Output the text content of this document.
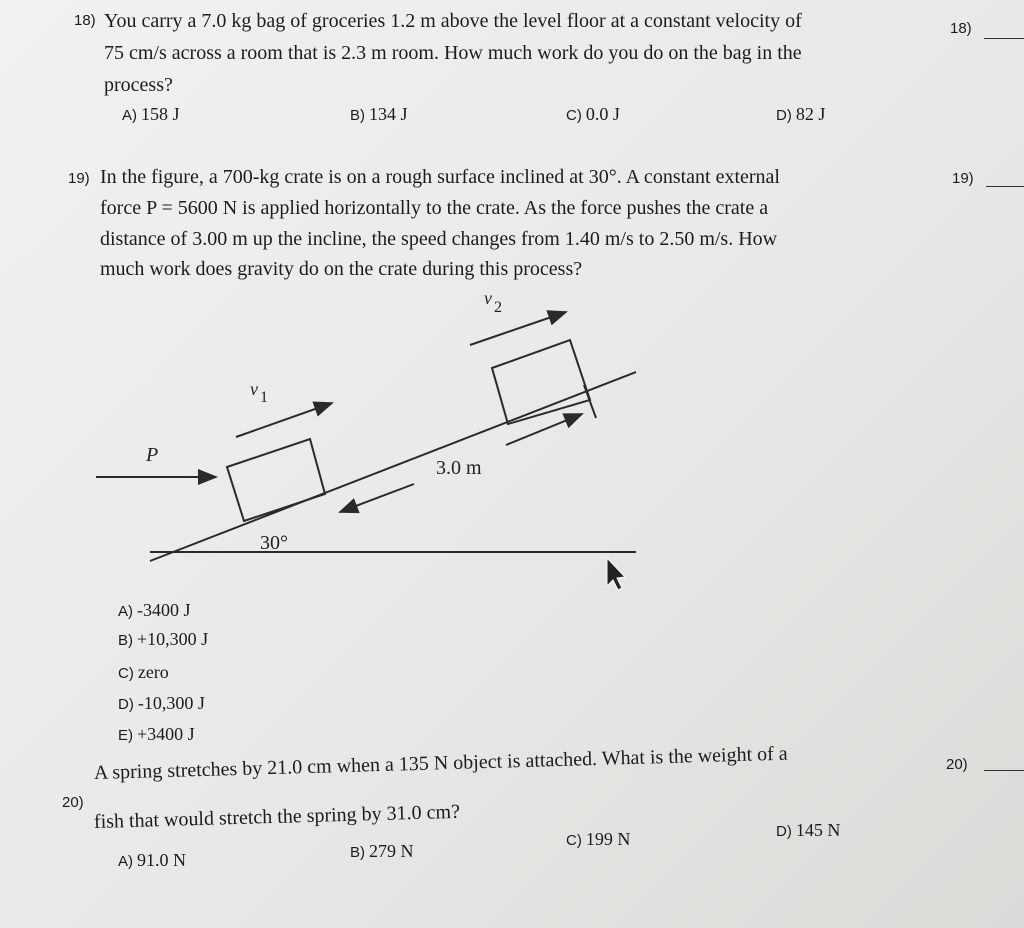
18) You carry a 7.0 kg bag of groceries 1.2 m above the level floor at a constant velocity of
75 cm/s across a room that is 2.3 m room. How much work do you do on the bag in the
process?
A) 158 J	B) 134 J	C) 0.0 J	D) 82 J
18)
19) In the figure, a 700-kg crate is on a rough surface inclined at 30°. A constant external
force P = 5600 N is applied horizontally to the crate. As the force pushes the crate a
distance of 3.00 m up the incline, the speed changes from 1.40 m/s to 2.50 m/s. How
much work does gravity do on the crate during this process?
19)
P
v 1
v 2
3.0 m
30°
A) -3400 J
B) +10,300 J
C) zero
D) -10,300 J
E) +3400 J
20)
A spring stretches by 21.0 cm when a 135 N object is attached. What is the weight of a
fish that would stretch the spring by 31.0 cm?
A) 91.0 N	B) 279 N
C) 199 N	D) 145 N
20)
